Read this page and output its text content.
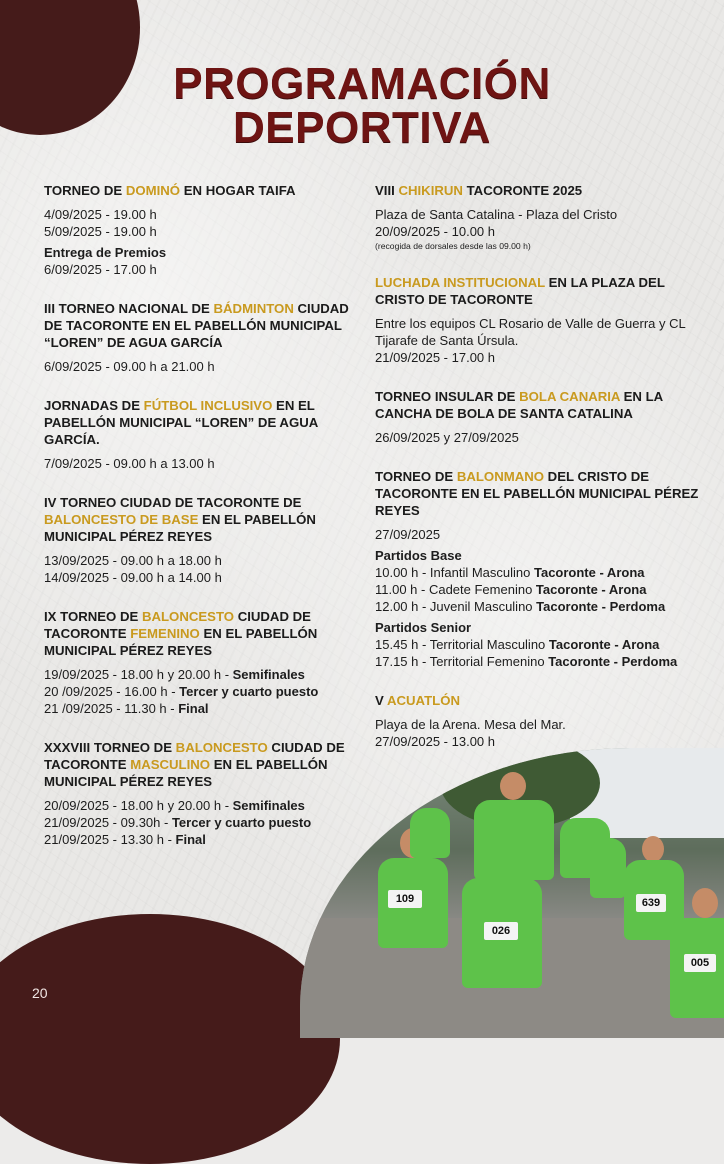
PROGRAMACIÓN
DEPORTIVA
TORNEO DE DOMINÓ EN HOGAR TAIFA
4/09/2025 - 19.00 h
5/09/2025 - 19.00 h
Entrega de Premios
6/09/2025 - 17.00 h
III TORNEO NACIONAL DE BÁDMINTON CIUDAD DE TACORONTE EN EL PABELLÓN MUNICIPAL “LOREN” DE AGUA GARCÍA
6/09/2025 - 09.00 h a 21.00 h
JORNADAS DE FÚTBOL INCLUSIVO EN EL PABELLÓN MUNICIPAL “LOREN” DE AGUA GARCÍA.
7/09/2025 - 09.00 h a 13.00 h
IV TORNEO CIUDAD DE TACORONTE DE BALONCESTO DE BASE EN EL PABELLÓN MUNICIPAL PÉREZ REYES
13/09/2025 - 09.00 h a 18.00 h
14/09/2025 - 09.00 h a 14.00 h
IX TORNEO DE BALONCESTO CIUDAD DE TACORONTE FEMENINO EN EL PABELLÓN MUNICIPAL PÉREZ REYES
19/09/2025 - 18.00 h y 20.00 h - Semifinales
20 /09/2025 - 16.00 h - Tercer y cuarto puesto
21 /09/2025 - 11.30 h - Final
XXXVIII TORNEO DE BALONCESTO CIUDAD DE TACORONTE MASCULINO EN EL PABELLÓN MUNICIPAL PÉREZ REYES
20/09/2025 - 18.00 h y 20.00 h - Semifinales
21/09/2025 - 09.30h - Tercer y cuarto puesto
21/09/2025 - 13.30 h - Final
VIII CHIKIRUN TACORONTE 2025
Plaza de Santa Catalina - Plaza del Cristo
20/09/2025 - 10.00 h
(recogida de dorsales desde las 09.00 h)
LUCHADA INSTITUCIONAL EN LA PLAZA DEL CRISTO DE TACORONTE
Entre los equipos CL Rosario de Valle de Guerra y CL Tijarafe de Santa Úrsula.
21/09/2025 - 17.00 h
TORNEO INSULAR DE BOLA CANARIA EN LA CANCHA DE BOLA DE SANTA CATALINA
26/09/2025 y 27/09/2025
TORNEO DE BALONMANO DEL CRISTO DE TACORONTE EN EL PABELLÓN MUNICIPAL PÉREZ REYES
27/09/2025
Partidos Base
10.00 h - Infantil Masculino Tacoronte - Arona
11.00 h - Cadete Femenino Tacoronte - Arona
12.00 h - Juvenil Masculino Tacoronte - Perdoma
Partidos Senior
15.45 h - Territorial Masculino Tacoronte - Arona
17.15 h - Territorial Femenino Tacoronte - Perdoma
V ACUATLÓN
Playa de la Arena. Mesa del Mar.
27/09/2025 - 13.00 h
109
026
639
005
20
